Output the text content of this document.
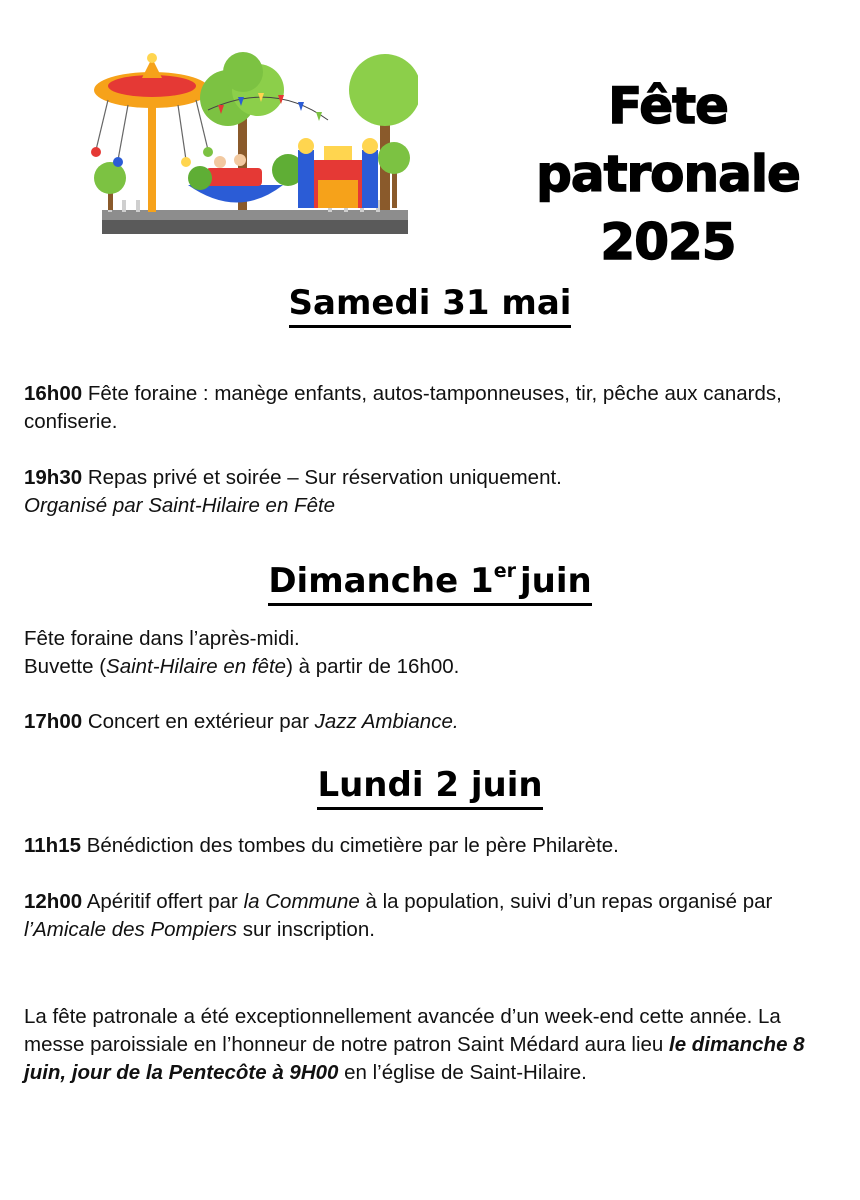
Fête
patronale
2025
Samedi 31 mai

16h00 Fête foraine : manège enfants, autos-tamponneuses, tir, pêche aux canards, confiserie.

19h30 Repas privé et soirée – Sur réservation uniquement.
Organisé par Saint-Hilaire en Fête

Dimanche 1er juin

Fête foraine dans l’après-midi.
Buvette (Saint-Hilaire en fête) à partir de 16h00.

17h00 Concert en extérieur par Jazz Ambiance.

Lundi 2 juin

11h15 Bénédiction des tombes du cimetière par le père Philarète.

12h00 Apéritif offert par la Commune à la population, suivi d’un repas organisé par l’Amicale des Pompiers sur inscription.

La fête patronale a été exceptionnellement avancée d’un week-end cette année. La messe paroissiale en l’honneur de notre patron Saint Médard aura lieu le dimanche 8 juin, jour de la Pentecôte à 9H00 en l’église de Saint-Hilaire.
